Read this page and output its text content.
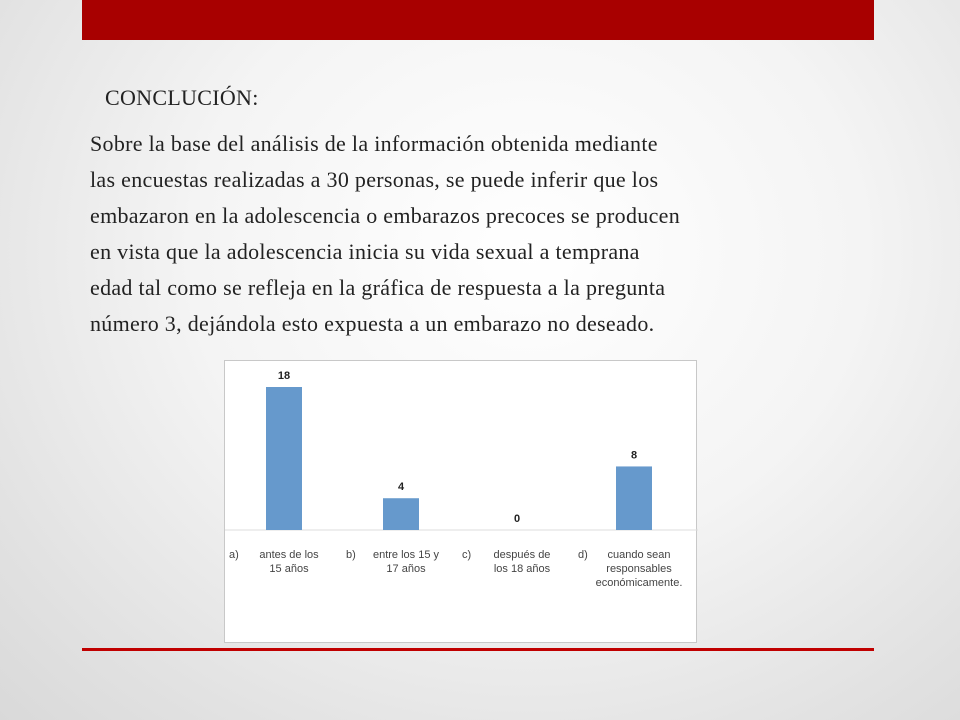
CONCLUCIÓN:
Sobre la base del análisis de la información obtenida mediante
las encuestas realizadas a 30 personas, se puede inferir que los
embazaron en la adolescencia o embarazos precoces se producen
en vista que la adolescencia inicia su vida sexual a temprana
edad tal como se refleja en la gráfica de respuesta a la pregunta
número 3, dejándola esto expuesta a un embarazo no deseado.
18
4
0
8
a) antes de los
15 años
b) entre los 15 y
17 años
c) después de
los 18 años
d) cuando sean
responsables
económicamente.
